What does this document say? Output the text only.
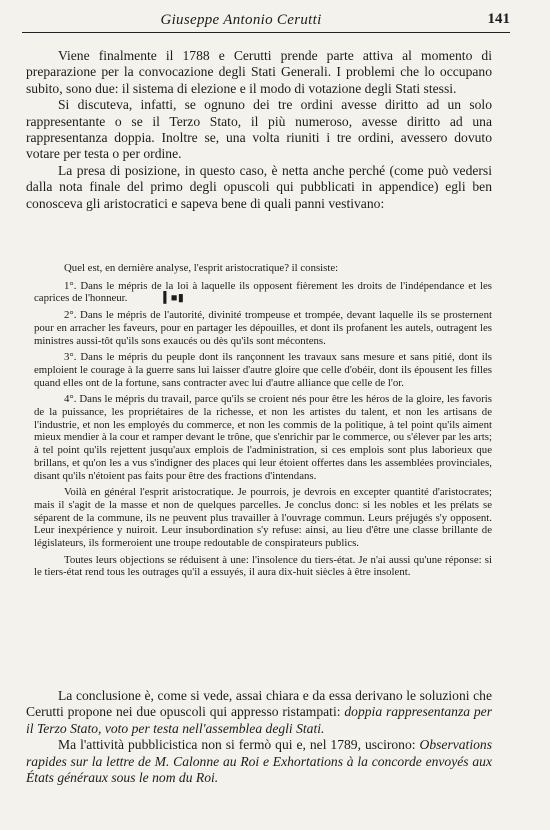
Giuseppe Antonio Cerutti	141

Viene finalmente il 1788 e Cerutti prende parte attiva al momento di preparazione per la convocazione degli Stati Generali. I problemi che lo occupano subito, sono due: il sistema di elezione e il modo di votazione degli Stati stessi.

Si discuteva, infatti, se ognuno dei tre ordini avesse diritto ad un solo rappresentante o se il Terzo Stato, il più numeroso, avesse diritto ad una rappresentanza doppia. Inoltre se, una volta riuniti i tre ordini, avessero dovuto votare per testa o per ordine.

La presa di posizione, in questo caso, è netta anche perché (come può vedersi dalla nota finale del primo degli opuscoli qui pubblicati in appendice) egli ben conosceva gli aristocratici e sapeva bene di quali panni vestivano:

Quel est, en dernière analyse, l'esprit aristocratique? il consiste:

1°. Dans le mépris de la loi à laquelle ils opposent fièrement les droits de l'indépendance et les caprices de l'honneur.	▍■ ▮

2°. Dans le mépris de l'autorité, divinité trompeuse et trompée, devant laquelle ils se prosternent pour en arracher les faveurs, pour en partager les dépouilles, et dont ils profanent les autels, outragent les ministres aussi-tôt qu'ils sons exaucés ou dès qu'ils sont mécontens.

3°. Dans le mépris du peuple dont ils rançonnent les travaux sans mesure et sans pitié, dont ils emploient le courage à la guerre sans lui laisser d'autre gloire que celle d'obéir, dont ils épousent les filles quand elles ont de la fortune, sans contracter avec lui d'autre alliance que celle de l'or.

4°. Dans le mépris du travail, parce qu'ils se croient nés pour être les héros de la gloire, les favoris de la puissance, les propriétaires de la richesse, et non les artistes du talent, et non les artisans de l'industrie, et non les employés du commerce, et non les commis de la politique, à tel point qu'ils aiment mieux mendier à la cour et ramper devant le trône, que s'enrichir par le commerce, ou s'élever par les arts; à tel point qu'ils rejettent jusqu'aux emplois de l'administration, si ces emplois sont plus laborieux que brillans, et qu'on les a vus s'indigner des places qui leur étoient offertes dans les assemblées provinciales, disant qu'ils n'étoient pas faits pour être des fractions d'intendans.

Voilà en général l'esprit aristocratique. Je pourrois, je devrois en excepter quantité d'aristocrates; mais il s'agit de la masse et non de quelques parcelles. Je conclus donc: si les nobles et les prélats se séparent de la commune, ils ne peuvent plus travailler à l'ouvrage commun. Leurs préjugés s'y opposent. Leur inexpérience y nuiroit. Leur insubordination s'y refuse: ainsi, au lieu d'être une classe brillante de législateurs, ils formeroient une troupe redoutable de conspirateurs publics.

Toutes leurs objections se réduisent à une: l'insolence du tiers-état. Je n'ai aussi qu'une réponse: si le tiers-état rend tous les outrages qu'il a essuyés, il aura dix-huit siècles à être insolent.

La conclusione è, come si vede, assai chiara e da essa derivano le soluzioni che Cerutti propone nei due opuscoli qui appresso ristampati: doppia rappresentanza per il Terzo Stato, voto per testa nell'assemblea degli Stati.

Ma l'attività pubblicistica non si fermò qui e, nel 1789, uscirono: Observations rapides sur la lettre de M. Calonne au Roi e Exhortations à la concorde envoyés aux États généraux sous le nom du Roi.
